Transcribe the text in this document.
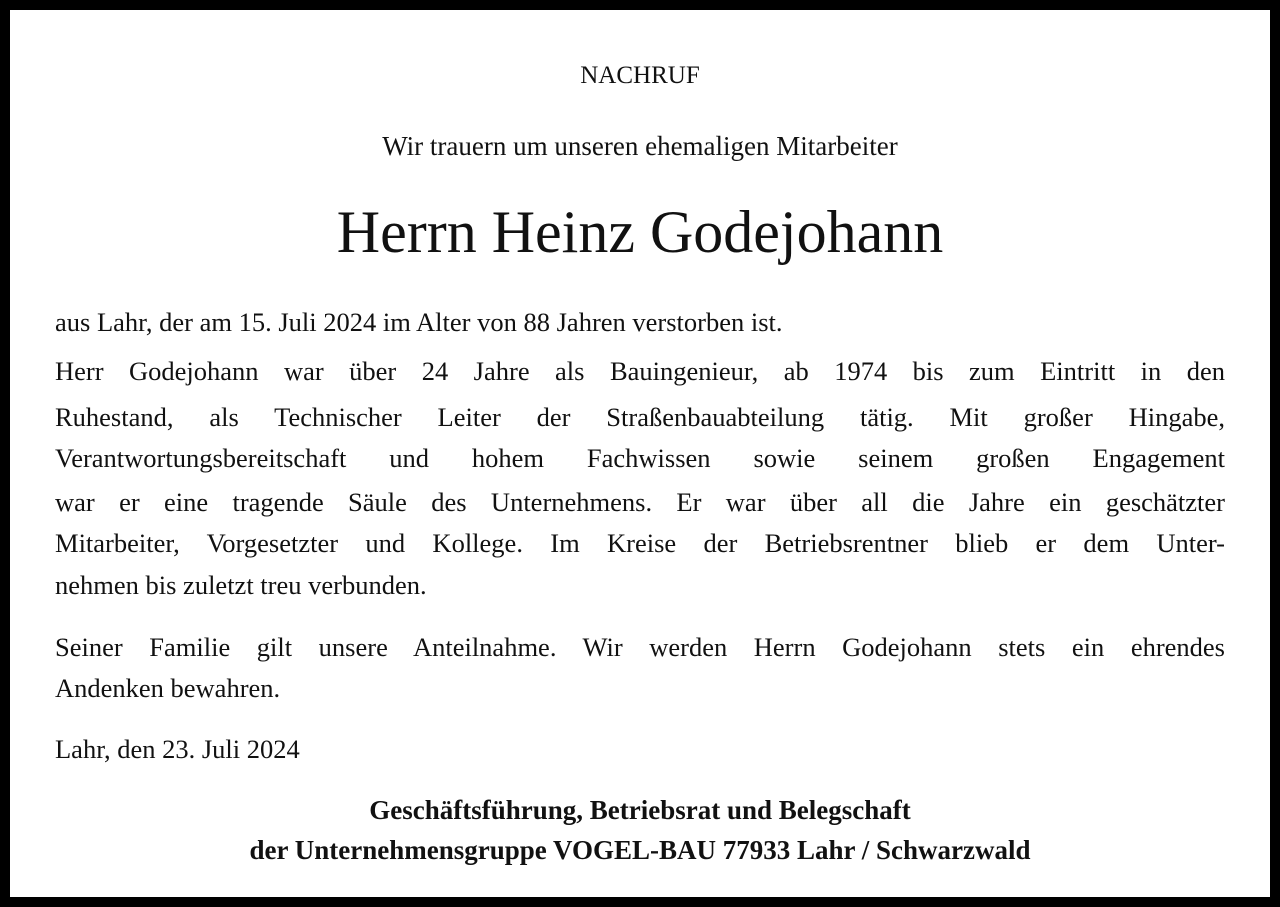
NACHRUF

Wir trauern um unseren ehemaligen Mitarbeiter

Herrn Heinz Godejohann

aus Lahr, der am 15. Juli 2024 im Alter von 88 Jahren verstorben ist.

Herr Godejohann war über 24 Jahre als Bauingenieur, ab 1974 bis zum Eintritt in den

Ruhestand, als Technischer Leiter der Straßenbauabteilung tätig. Mit großer Hingabe,

Verantwortungsbereitschaft und hohem Fachwissen sowie seinem großen Engagement

war er eine tragende Säule des Unternehmens. Er war über all die Jahre ein geschätzter

Mitarbeiter, Vorgesetzter und Kollege. Im Kreise der Betriebsrentner blieb er dem Unter-

nehmen bis zuletzt treu verbunden.

Seiner Familie gilt unsere Anteilnahme. Wir werden Herrn Godejohann stets ein ehrendes

Andenken bewahren.

Lahr, den 23. Juli 2024

Geschäftsführung, Betriebsrat und Belegschaft

der Unternehmensgruppe VOGEL-BAU 77933 Lahr / Schwarzwald
